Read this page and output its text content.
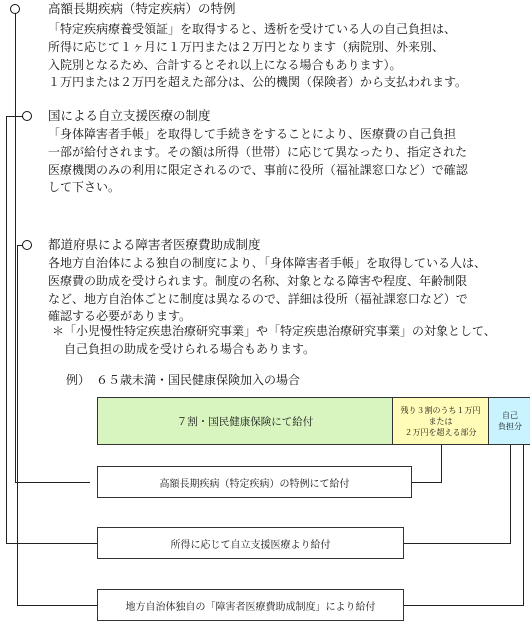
高額長期疾病（特定疾病）の特例
「特定疾病療養受領証」を取得すると、透析を受けている人の自己負担は、
所得に応じて１ヶ月に１万円または２万円となります（病院別、外来別、
入院別となるため、合計するとそれ以上になる場合もあります）。
１万円または２万円を超えた部分は、公的機関（保険者）から支払われます。
国による自立支援医療の制度
「身体障害者手帳」を取得して手続きをすることにより、医療費の自己負担
一部が給付されます。その額は所得（世帯）に応じて異なったり、指定された
医療機関のみの利用に限定されるので、事前に役所（福祉課窓口など）で確認
して下さい。
都道府県による障害者医療費助成制度
各地方自治体による独自の制度により､「身体障害者手帳」を取得している人は、
医療費の助成を受けられます。制度の名称、対象となる障害や程度、年齢制限
など、地方自治体ごとに制度は異なるので、詳細は役所（福祉課窓口など）で
確認する必要があります。
＊「小児慢性特定疾患治療研究事業」や「特定疾患治療研究事業」の対象として、
　自己負担の助成を受けられる場合もあります。
例）　６５歳未満・国民健康保険加入の場合
７割・国民健康保険にて給付
残り３割のうち１万円
または
２万円を超える部分
自己
負担分
高額長期疾病（特定疾病）の特例にて給付
所得に応じて自立支援医療より給付
地方自治体独自の「障害者医療費助成制度」により給付
